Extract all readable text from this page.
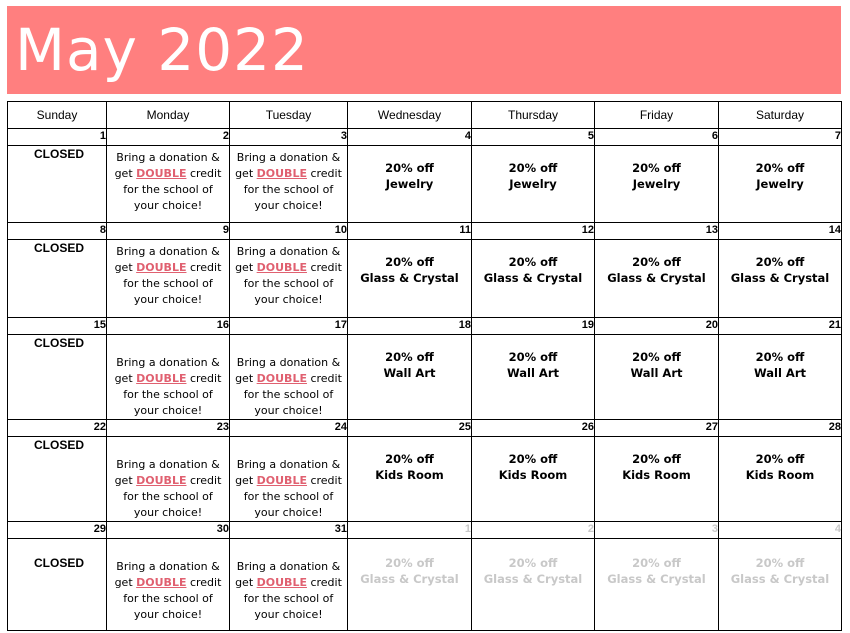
May 2022
Sunday	Monday	Tuesday	Wednesday	Thursday	Friday	Saturday
1	2	3	4	5	6	7

CLOSED	Bring a donation &
get DOUBLE credit
for the school of
your choice!	Bring a donation &
get DOUBLE credit
for the school of
your choice!	20% off
Jewelry	20% off
Jewelry	20% off
Jewelry	20% off
Jewelry

8	9	10	11	12	13	14

CLOSED	Bring a donation &
get DOUBLE credit
for the school of
your choice!	Bring a donation &
get DOUBLE credit
for the school of
your choice!	20% off
Glass & Crystal	20% off
Glass & Crystal	20% off
Glass & Crystal	20% off
Glass & Crystal

15	16	17	18	19	20	21

CLOSED	Bring a donation &
get DOUBLE credit
for the school of
your choice!	Bring a donation &
get DOUBLE credit
for the school of
your choice!	20% off
Wall Art	20% off
Wall Art	20% off
Wall Art	20% off
Wall Art

22	23	24	25	26	27	28

CLOSED	Bring a donation &
get DOUBLE credit
for the school of
your choice!	Bring a donation &
get DOUBLE credit
for the school of
your choice!	20% off
Kids Room	20% off
Kids Room	20% off
Kids Room	20% off
Kids Room

29	30	31	1	2	3	4

CLOSED	Bring a donation &
get DOUBLE credit
for the school of
your choice!	Bring a donation &
get DOUBLE credit
for the school of
your choice!	20% off
Glass & Crystal	20% off
Glass & Crystal	20% off
Glass & Crystal	20% off
Glass & Crystal
